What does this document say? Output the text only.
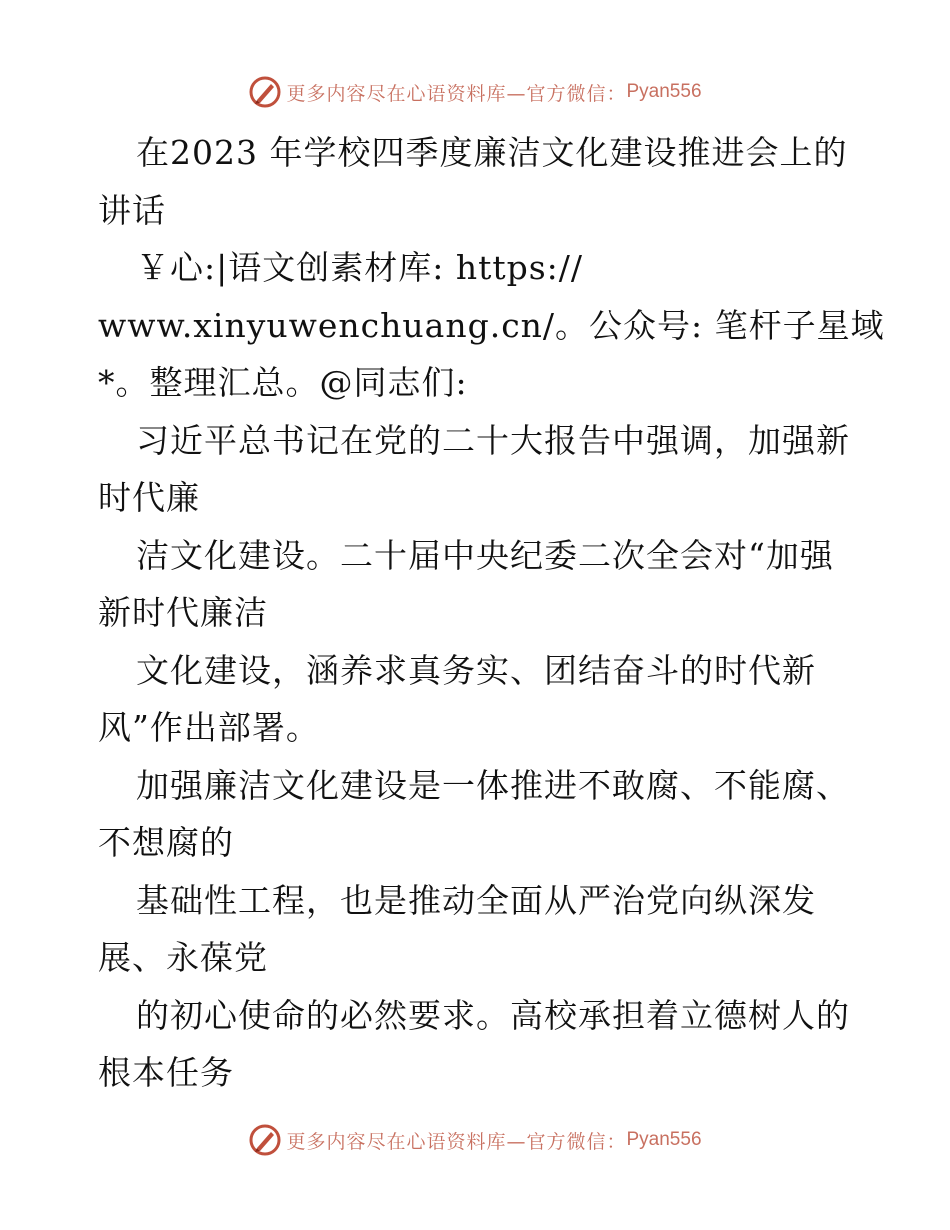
更多内容尽在心语资料库—官方微信： Pyan556
在2023 年学校四季度廉洁文化建设推进会上的
讲话
￥心:|语文创素材库: https://
www.xinyuwenchuang.cn/。公众号: 笔杆子星域
*。整理汇总。@同志们:
习近平总书记在党的二十大报告中强调，加强新
时代廉
洁文化建设。二十届中央纪委二次全会对“加强
新时代廉洁
文化建设，涵养求真务实、团结奋斗的时代新
风”作出部署。
加强廉洁文化建设是一体推进不敢腐、不能腐、
不想腐的
基础性工程，也是推动全面从严治党向纵深发
展、永葆党
的初心使命的必然要求。高校承担着立德树人的
根本任务
更多内容尽在心语资料库—官方微信： Pyan556
